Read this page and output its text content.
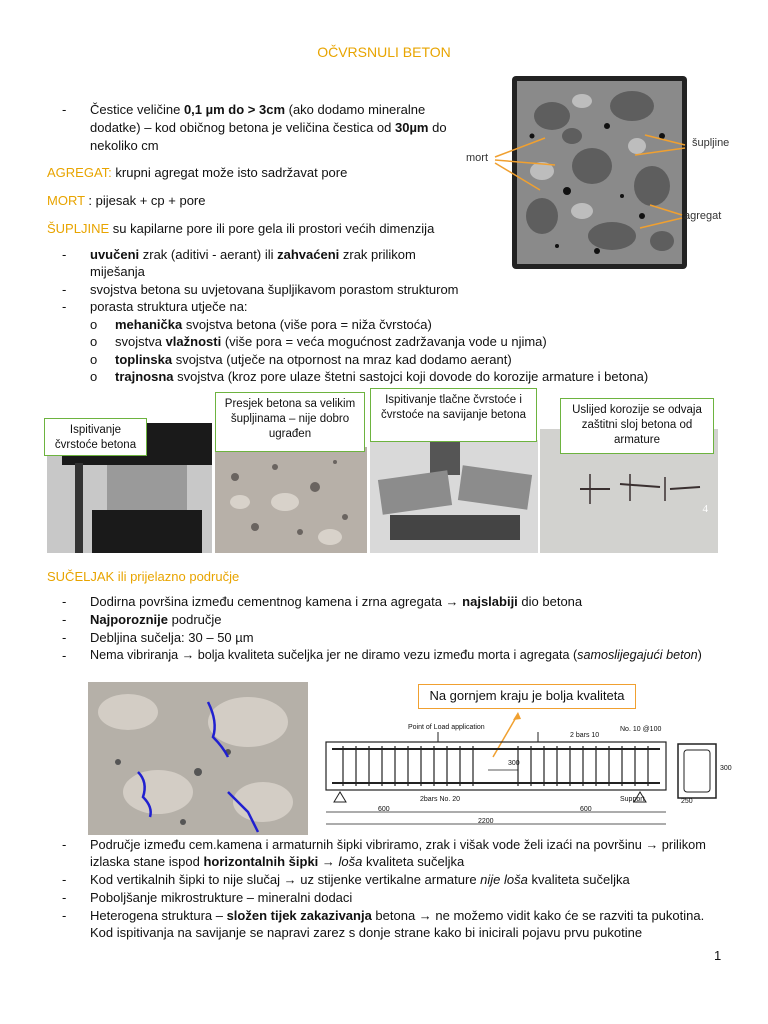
OČVRSNULI BETON
- Čestice veličine 0,1 µm do > 3cm (ako dodamo mineralne
dodatke) – kod običnog betona je veličina čestica od 30µm do
nekoliko cm
AGREGAT: krupni agregat može isto sadržavat pore
MORT : pijesak + cp + pore
ŠUPLJINE su kapilarne pore ili pore gela ili prostori većih dimenzija
- uvučeni zrak (aditivi - aerant) ili zahvaćeni zrak prilikom
miješanja
- svojstva betona su uvjetovana šupljikavom porastom strukturom
- porasta struktura utječe na:
o mehanička svojstva betona (više pora = niža čvrstoća)
o svojstva vlažnosti (više pora = veća mogućnost zadržavanja vode u njima)
o toplinska svojstva (utječe na otpornost na mraz kad dodamo aerant)
o trajnosna svojstva (kroz pore ulaze štetni sastojci koji dovode do korozije armature i betona)
mort
šupljine
agregat
4
Ispitivanje čvrstoće betona
Presjek betona sa velikim šupljinama – nije dobro ugrađen
Ispitivanje tlačne čvrstoće i čvrstoće na savijanje betona	Uslijed korozije se odvaja zaštitni sloj betona od armature
SUČELJAK ili prijelazno područje
- Dodirna površina između cementnog kamena i zrna agregata → najslabiji dio betona
- Najporoznije područje
- Debljina sučelja: 30 – 50 µm
- Nema vibriranja → bolja kvaliteta sučeljka jer ne diramo vezu između morta i agregata (samoslijegajući beton)
Na gornjem kraju je bolja kvaliteta
Point of Load application
2 bars 10
No. 10 @100
300
2bars No. 20	Support
600	600
2200
300
250
- Područje između cem.kamena i armaturnih šipki vibriramo, zrak i višak vode želi izaći na površinu → prilikom
izlaska stane ispod horizontalnih šipki → loša kvaliteta sučeljka
- Kod vertikalnih šipki to nije slučaj → uz stijenke vertikalne armature nije loša kvaliteta sučeljka
- Poboljšanje mikrostrukture – mineralni dodaci
- Heterogena struktura – složen tijek zakazivanja betona → ne možemo vidit kako će se razviti ta pukotina.
Kod ispitivanja na savijanje se napravi zarez s donje strane kako bi inicirali pojavu prvu pukotine
1
